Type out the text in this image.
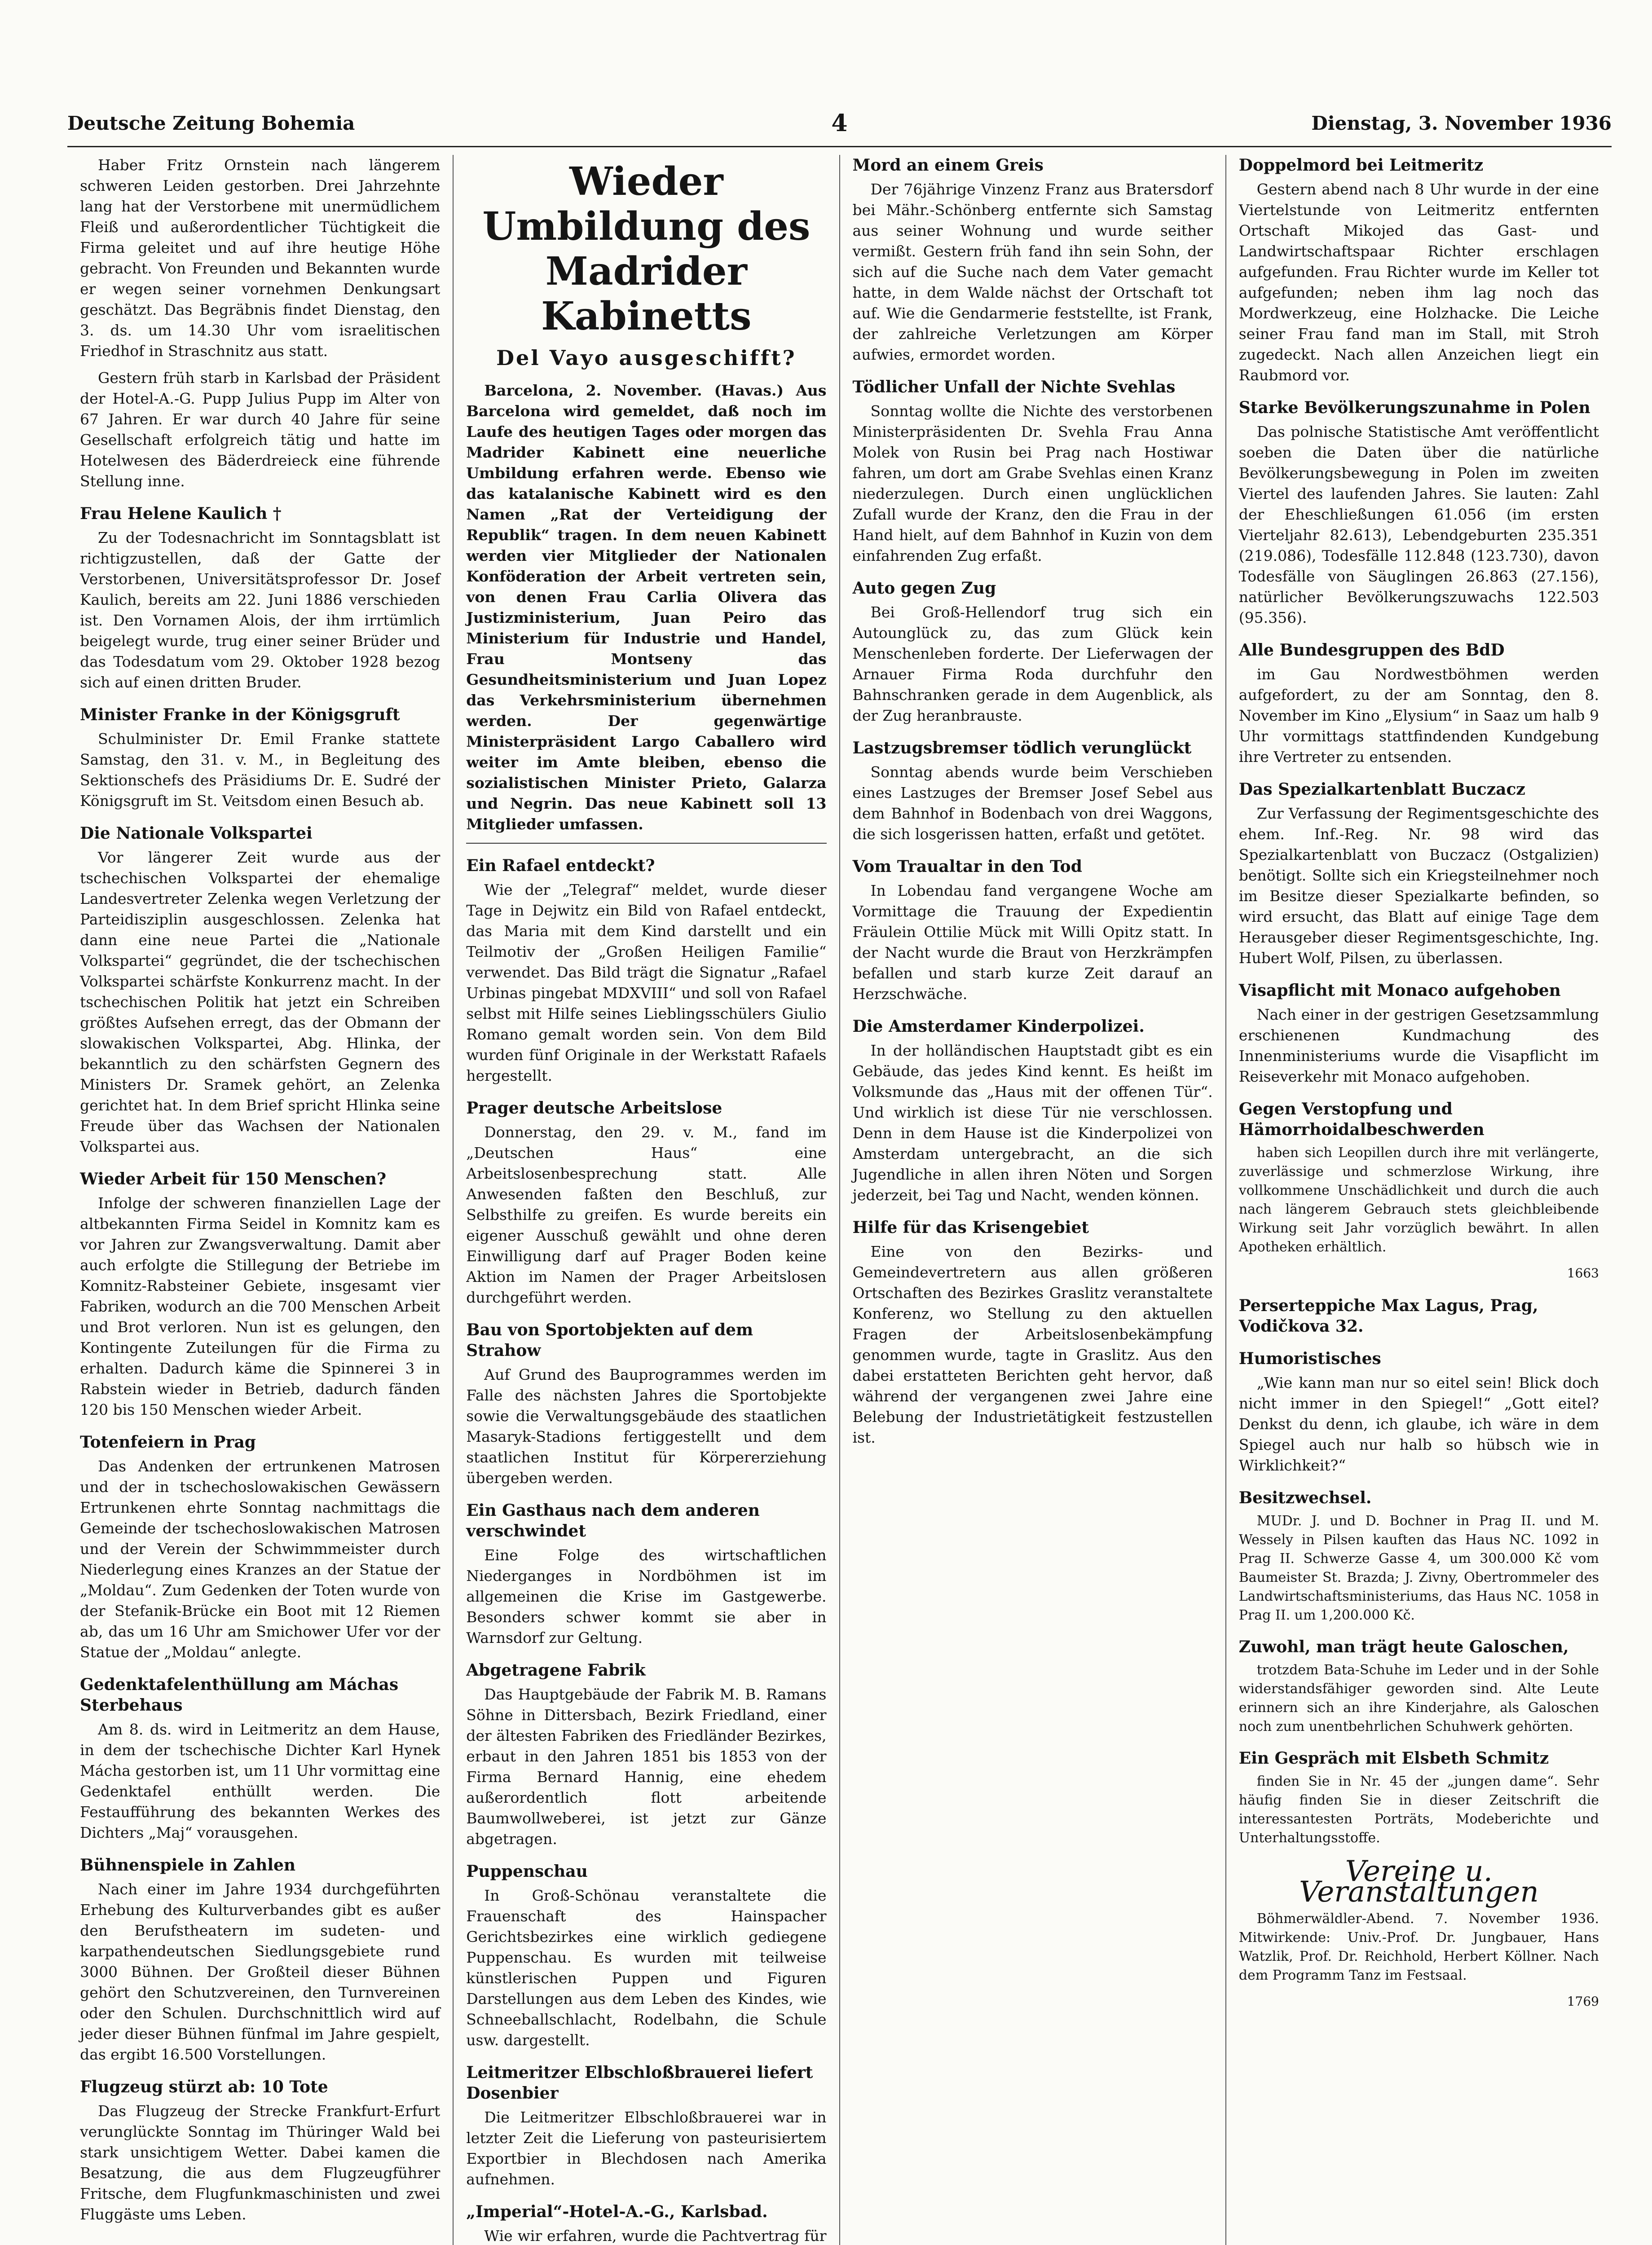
Deutsche Zeitung Bohemia	4	Dienstag, 3. November 1936

Haber Fritz Ornstein nach längerem schweren Leiden gestorben. Drei Jahrzehnte lang hat der Verstorbene mit unermüdlichem Fleiß und außerordentlicher Tüchtigkeit die Firma geleitet und auf ihre heutige Höhe gebracht. Von Freunden und Bekannten wurde er wegen seiner vornehmen Denkungsart geschätzt. Das Begräbnis findet Dienstag, den 3. ds. um 14.30 Uhr vom israelitischen Friedhof in Straschnitz aus statt.

Gestern früh starb in Karlsbad der Präsident der Hotel-A.-G. Pupp Julius Pupp im Alter von 67 Jahren. Er war durch 40 Jahre für seine Gesellschaft erfolgreich tätig und hatte im Hotelwesen des Bäderdreieck eine führende Stellung inne.

Frau Helene Kaulich †

Zu der Todesnachricht im Sonntagsblatt ist richtigzustellen, daß der Gatte der Verstorbenen, Universitätsprofessor Dr. Josef Kaulich, bereits am 22. Juni 1886 verschieden ist. Den Vornamen Alois, der ihm irrtümlich beigelegt wurde, trug einer seiner Brüder und das Todesdatum vom 29. Oktober 1928 bezog sich auf einen dritten Bruder.

Minister Franke in der Königsgruft

Schulminister Dr. Emil Franke stattete Samstag, den 31. v. M., in Begleitung des Sektionschefs des Präsidiums Dr. E. Sudré der Königsgruft im St. Veitsdom einen Besuch ab.

Die Nationale Volkspartei

Vor längerer Zeit wurde aus der tschechischen Volkspartei der ehemalige Landesvertreter Zelenka wegen Verletzung der Parteidisziplin ausgeschlossen. Zelenka hat dann eine neue Partei die „Nationale Volkspartei“ gegründet, die der tschechischen Volkspartei schärfste Konkurrenz macht. In der tschechischen Politik hat jetzt ein Schreiben größtes Aufsehen erregt, das der Obmann der slowakischen Volkspartei, Abg. Hlinka, der bekanntlich zu den schärfsten Gegnern des Ministers Dr. Sramek gehört, an Zelenka gerichtet hat. In dem Brief spricht Hlinka seine Freude über das Wachsen der Nationalen Volkspartei aus.

Wieder Arbeit für 150 Menschen?

Infolge der schweren finanziellen Lage der altbekannten Firma Seidel in Komnitz kam es vor Jahren zur Zwangsverwaltung. Damit aber auch erfolgte die Stillegung der Betriebe im Komnitz-Rabsteiner Gebiete, insgesamt vier Fabriken, wodurch an die 700 Menschen Arbeit und Brot verloren. Nun ist es gelungen, den Kontingente Zuteilungen für die Firma zu erhalten. Dadurch käme die Spinnerei 3 in Rabstein wieder in Betrieb, dadurch fänden 120 bis 150 Menschen wieder Arbeit.

Totenfeiern in Prag

Das Andenken der ertrunkenen Matrosen und der in tschechoslowakischen Gewässern Ertrunkenen ehrte Sonntag nachmittags die Gemeinde der tschechoslowakischen Matrosen und der Verein der Schwimmmeister durch Niederlegung eines Kranzes an der Statue der „Moldau“. Zum Gedenken der Toten wurde von der Stefanik-Brücke ein Boot mit 12 Riemen ab, das um 16 Uhr am Smichower Ufer vor der Statue der „Moldau“ anlegte.

Gedenktafelenthüllung am Máchas Sterbehaus

Am 8. ds. wird in Leitmeritz an dem Hause, in dem der tschechische Dichter Karl Hynek Mácha gestorben ist, um 11 Uhr vormittag eine Gedenktafel enthüllt werden. Die Festaufführung des bekannten Werkes des Dichters „Maj“ vorausgehen.

Bühnenspiele in Zahlen

Nach einer im Jahre 1934 durchgeführten Erhebung des Kulturverbandes gibt es außer den Berufstheatern im sudeten- und karpathendeutschen Siedlungsgebiete rund 3000 Bühnen. Der Großteil dieser Bühnen gehört den Schutzvereinen, den Turnvereinen oder den Schulen. Durchschnittlich wird auf jeder dieser Bühnen fünfmal im Jahre gespielt, das ergibt 16.500 Vorstellungen.

Flugzeug stürzt ab: 10 Tote

Das Flugzeug der Strecke Frankfurt-Erfurt verunglückte Sonntag im Thüringer Wald bei stark unsichtigem Wetter. Dabei kamen die Besatzung, die aus dem Flugzeugführer Fritsche, dem Flugfunkmaschinisten und zwei Fluggäste ums Leben.

Wieder Umbildung des Madrider Kabinetts
Del Vayo ausgeschifft?

Barcelona, 2. November. (Havas.) Aus Barcelona wird gemeldet, daß noch im Laufe des heutigen Tages oder morgen das Madrider Kabinett eine neuerliche Umbildung erfahren werde. Ebenso wie das katalanische Kabinett wird es den Namen „Rat der Verteidigung der Republik“ tragen. In dem neuen Kabinett werden vier Mitglieder der Nationalen Konföderation der Arbeit vertreten sein, von denen Frau Carlia Olivera das Justizministerium, Juan Peiro das Ministerium für Industrie und Handel, Frau Montseny das Gesundheitsministerium und Juan Lopez das Verkehrsministerium übernehmen werden. Der gegenwärtige Ministerpräsident Largo Caballero wird weiter im Amte bleiben, ebenso die sozialistischen Minister Prieto, Galarza und Negrin. Das neue Kabinett soll 13 Mitglieder umfassen.

Ein Rafael entdeckt?

Wie der „Telegraf“ meldet, wurde dieser Tage in Dejwitz ein Bild von Rafael entdeckt, das Maria mit dem Kind darstellt und ein Teilmotiv der „Großen Heiligen Familie“ verwendet. Das Bild trägt die Signatur „Rafael Urbinas pingebat MDXVIII“ und soll von Rafael selbst mit Hilfe seines Lieblingsschülers Giulio Romano gemalt worden sein. Von dem Bild wurden fünf Originale in der Werkstatt Rafaels hergestellt.

Prager deutsche Arbeitslose

Donnerstag, den 29. v. M., fand im „Deutschen Haus“ eine Arbeitslosenbesprechung statt. Alle Anwesenden faßten den Beschluß, zur Selbsthilfe zu greifen. Es wurde bereits ein eigener Ausschuß gewählt und ohne deren Einwilligung darf auf Prager Boden keine Aktion im Namen der Prager Arbeitslosen durchgeführt werden.

Bau von Sportobjekten auf dem Strahow

Auf Grund des Bauprogrammes werden im Falle des nächsten Jahres die Sportobjekte sowie die Verwaltungsgebäude des staatlichen Masaryk-Stadions fertiggestellt und dem staatlichen Institut für Körpererziehung übergeben werden.

Ein Gasthaus nach dem anderen verschwindet

Eine Folge des wirtschaftlichen Niederganges in Nordböhmen ist im allgemeinen die Krise im Gastgewerbe. Besonders schwer kommt sie aber in Warnsdorf zur Geltung.

Abgetragene Fabrik

Das Hauptgebäude der Fabrik M. B. Ramans Söhne in Dittersbach, Bezirk Friedland, einer der ältesten Fabriken des Friedländer Bezirkes, erbaut in den Jahren 1851 bis 1853 von der Firma Bernard Hannig, eine ehedem außerordentlich flott arbeitende Baumwollweberei, ist jetzt zur Gänze abgetragen.

Puppenschau

In Groß-Schönau veranstaltete die Frauenschaft des Hainspacher Gerichtsbezirkes eine wirklich gediegene Puppenschau. Es wurden mit teilweise künstlerischen Puppen und Figuren Darstellungen aus dem Leben des Kindes, wie Schneeballschlacht, Rodelbahn, die Schule usw. dargestellt.

Leitmeritzer Elbschloßbrauerei liefert Dosenbier

Die Leitmeritzer Elbschloßbrauerei war in letzter Zeit die Lieferung von pasteurisiertem Exportbier in Blechdosen nach Amerika aufnehmen.

„Imperial“-Hotel-A.-G., Karlsbad.

Wie wir erfahren, wurde die Pachtvertrag für

Mord an einem Greis

Der 76jährige Vinzenz Franz aus Bratersdorf bei Mähr.-Schönberg entfernte sich Samstag aus seiner Wohnung und wurde seither vermißt. Gestern früh fand ihn sein Sohn, der sich auf die Suche nach dem Vater gemacht hatte, in dem Walde nächst der Ortschaft tot auf. Wie die Gendarmerie feststellte, ist Frank, der zahlreiche Verletzungen am Körper aufwies, ermordet worden.

Tödlicher Unfall der Nichte Svehlas

Sonntag wollte die Nichte des verstorbenen Ministerpräsidenten Dr. Svehla Frau Anna Molek von Rusin bei Prag nach Hostiwar fahren, um dort am Grabe Svehlas einen Kranz niederzulegen. Durch einen unglücklichen Zufall wurde der Kranz, den die Frau in der Hand hielt, auf dem Bahnhof in Kuzin von dem einfahrenden Zug erfaßt.

Auto gegen Zug

Bei Groß-Hellendorf trug sich ein Autounglück zu, das zum Glück kein Menschenleben forderte. Der Lieferwagen der Arnauer Firma Roda durchfuhr den Bahnschranken gerade in dem Augenblick, als der Zug heranbrauste.

Lastzugsbremser tödlich verunglückt

Sonntag abends wurde beim Verschieben eines Lastzuges der Bremser Josef Sebel aus dem Bahnhof in Bodenbach von drei Waggons, die sich losgerissen hatten, erfaßt und getötet.

Vom Traualtar in den Tod

In Lobendau fand vergangene Woche am Vormittage die Trauung der Expedientin Fräulein Ottilie Mück mit Willi Opitz statt. In der Nacht wurde die Braut von Herzkrämpfen befallen und starb kurze Zeit darauf an Herzschwäche.

Die Amsterdamer Kinderpolizei.

In der holländischen Hauptstadt gibt es ein Gebäude, das jedes Kind kennt. Es heißt im Volksmunde das „Haus mit der offenen Tür“. Und wirklich ist diese Tür nie verschlossen. Denn in dem Hause ist die Kinderpolizei von Amsterdam untergebracht, an die sich Jugendliche in allen ihren Nöten und Sorgen jederzeit, bei Tag und Nacht, wenden können.

Hilfe für das Krisengebiet

Eine von den Bezirks- und Gemeindevertretern aus allen größeren Ortschaften des Bezirkes Graslitz veranstaltete Konferenz, wo Stellung zu den aktuellen Fragen der Arbeitslosenbekämpfung genommen wurde, tagte in Graslitz. Aus den dabei erstatteten Berichten geht hervor, daß während der vergangenen zwei Jahre eine Belebung der Industrietätigkeit festzustellen ist.

Doppelmord bei Leitmeritz

Gestern abend nach 8 Uhr wurde in der eine Viertelstunde von Leitmeritz entfernten Ortschaft Mikojed das Gast- und Landwirtschaftspaar Richter erschlagen aufgefunden. Frau Richter wurde im Keller tot aufgefunden; neben ihm lag noch das Mordwerkzeug, eine Holzhacke. Die Leiche seiner Frau fand man im Stall, mit Stroh zugedeckt. Nach allen Anzeichen liegt ein Raubmord vor.

Starke Bevölkerungszunahme in Polen

Das polnische Statistische Amt veröffentlicht soeben die Daten über die natürliche Bevölkerungsbewegung in Polen im zweiten Viertel des laufenden Jahres. Sie lauten: Zahl der Eheschließungen 61.056 (im ersten Vierteljahr 82.613), Lebendgeburten 235.351 (219.086), Todesfälle 112.848 (123.730), davon Todesfälle von Säuglingen 26.863 (27.156), natürlicher Bevölkerungszuwachs 122.503 (95.356).

Alle Bundesgruppen des BdD

im Gau Nordwestböhmen werden aufgefordert, zu der am Sonntag, den 8. November im Kino „Elysium“ in Saaz um halb 9 Uhr vormittags stattfindenden Kundgebung ihre Vertreter zu entsenden.

Das Spezialkartenblatt Buczacz

Zur Verfassung der Regimentsgeschichte des ehem. Inf.-Reg. Nr. 98 wird das Spezialkartenblatt von Buczacz (Ostgalizien) benötigt. Sollte sich ein Kriegsteilnehmer noch im Besitze dieser Spezialkarte befinden, so wird ersucht, das Blatt auf einige Tage dem Herausgeber dieser Regimentsgeschichte, Ing. Hubert Wolf, Pilsen, zu überlassen.

Visapflicht mit Monaco aufgehoben

Nach einer in der gestrigen Gesetzsammlung erschienenen Kundmachung des Innenministeriums wurde die Visapflicht im Reiseverkehr mit Monaco aufgehoben.

Gegen Verstopfung und Hämorrhoidalbeschwerden

haben sich Leopillen durch ihre mit verlängerte, zuverlässige und schmerzlose Wirkung, ihre vollkommene Unschädlichkeit und durch die auch nach längerem Gebrauch stets gleichbleibende Wirkung seit Jahr vorzüglich bewährt. In allen Apotheken erhältlich.

1663
Perserteppiche Max Lagus, Prag, Vodičkova 32.
Humoristisches

„Wie kann man nur so eitel sein! Blick doch nicht immer in den Spiegel!“ „Gott eitel? Denkst du denn, ich glaube, ich wäre in dem Spiegel auch nur halb so hübsch wie in Wirklichkeit?“

Besitzwechsel.

MUDr. J. und D. Bochner in Prag II. und M. Wessely in Pilsen kauften das Haus NC. 1092 in Prag II. Schwerze Gasse 4, um 300.000 Kč vom Baumeister St. Brazda; J. Zivny, Obertrommeler des Landwirtschaftsministeriums, das Haus NC. 1058 in Prag II. um 1,200.000 Kč.

Zuwohl, man trägt heute Galoschen,

trotzdem Bata-Schuhe im Leder und in der Sohle widerstandsfähiger geworden sind. Alte Leute erinnern sich an ihre Kinderjahre, als Galoschen noch zum unentbehrlichen Schuhwerk gehörten.

Ein Gespräch mit Elsbeth Schmitz

finden Sie in Nr. 45 der „jungen dame“. Sehr häufig finden Sie in dieser Zeitschrift die interessantesten Porträts, Modeberichte und Unterhaltungsstoffe.

Vereine u. Veranstaltungen

Böhmerwäldler-Abend. 7. November 1936. Mitwirkende: Univ.-Prof. Dr. Jungbauer, Hans Watzlik, Prof. Dr. Reichhold, Herbert Köllner. Nach dem Programm Tanz im Festsaal.

1769
